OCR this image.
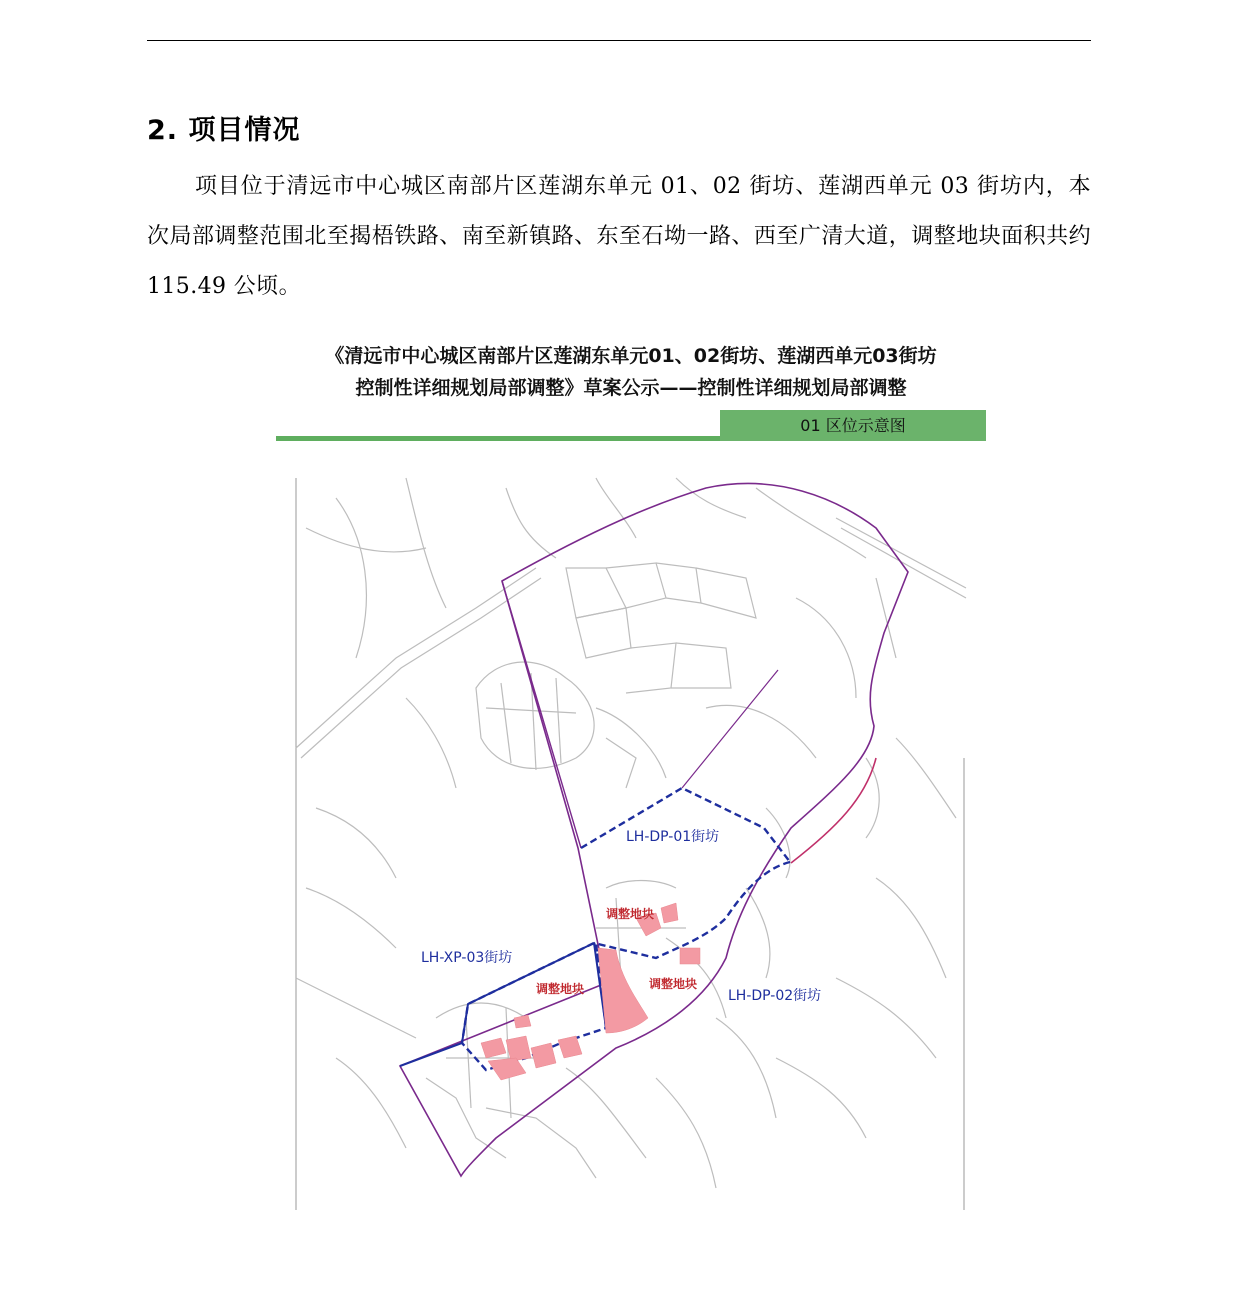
2. 项目情况
项目位于清远市中心城区南部片区莲湖东单元 01、02 街坊、莲湖西单元 03 街坊内，本次局部调整范围北至揭梧铁路、南至新镇路、东至石坳一路、西至广清大道，调整地块面积共约 115.49 公顷。
《清远市中心城区南部片区莲湖东单元01、02街坊、莲湖西单元03街坊
控制性详细规划局部调整》草案公示——控制性详细规划局部调整
01 区位示意图
LH-DP-01街坊
LH-DP-02街坊
LH-XP-03街坊
调整地块
调整地块
调整地块
